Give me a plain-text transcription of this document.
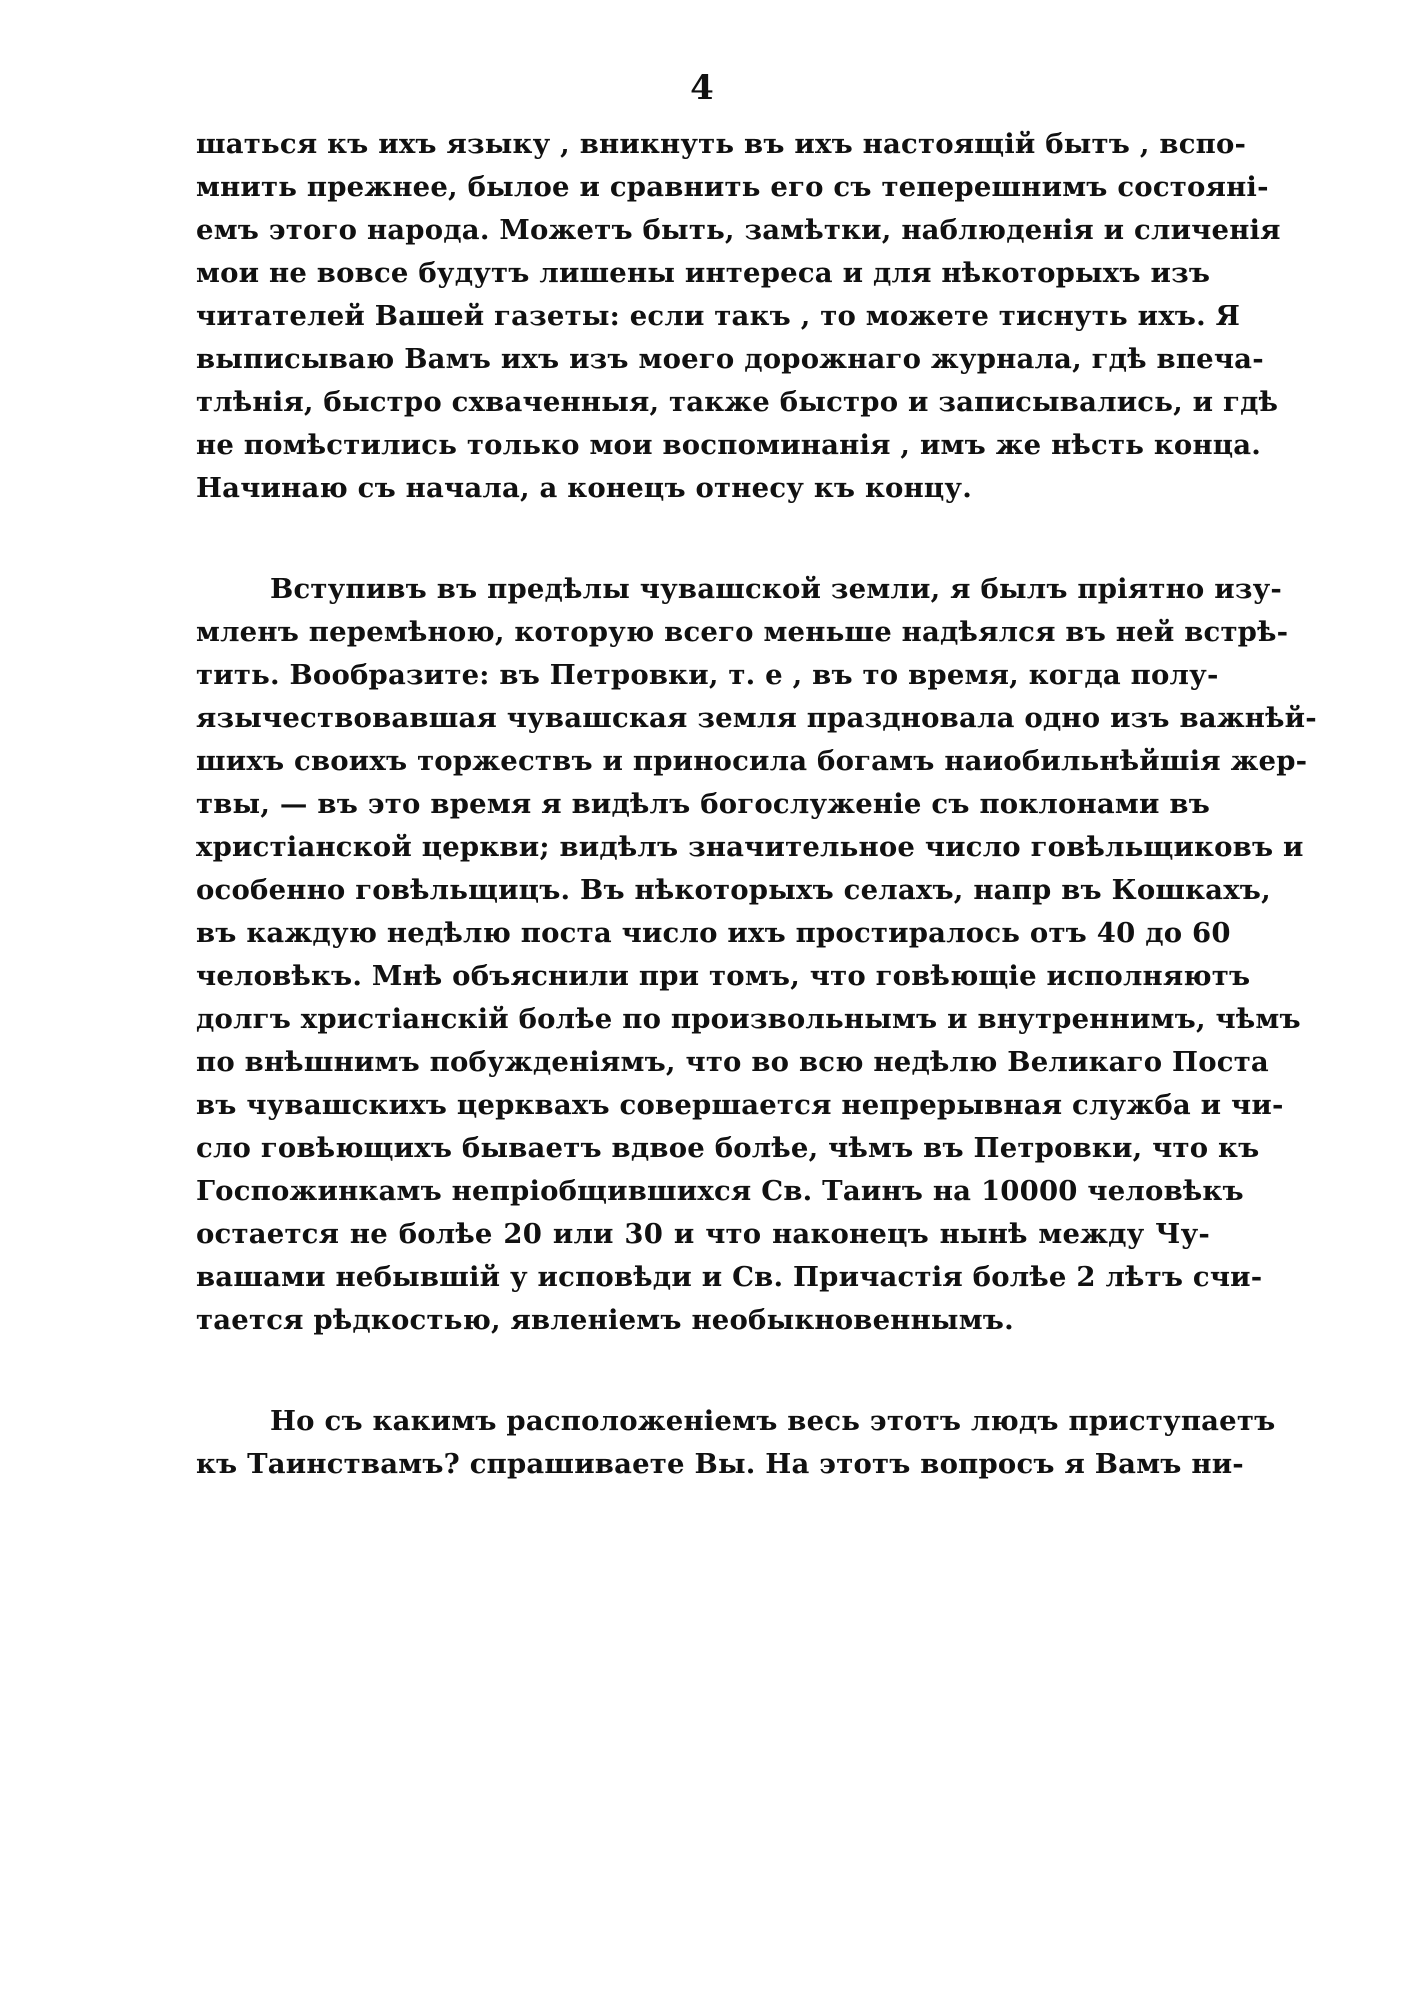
4
шаться къ ихъ языку , вникнуть въ ихъ настоящій бытъ , вспо-
мнить прежнее, былое и сравнить его съ теперешнимъ состояні-
емъ этого народа. Можетъ быть, замѣтки, наблюденія и сличенія
мои не вовсе будутъ лишены интереса и для нѣкоторыхъ изъ
читателей Вашей газеты: если такъ , то можете тиснуть ихъ. Я
выписываю Вамъ ихъ изъ моего дорожнаго журнала, гдѣ впеча-
тлѣнія, быстро схваченныя, также быстро и записывались, и гдѣ
не помѣстились только мои воспоминанія , имъ же нѣсть конца.
Начинаю съ начала, а конецъ отнесу къ концу.
Вступивъ въ предѣлы чувашской земли, я былъ пріятно изу-
мленъ перемѣною, которую всего меньше надѣялся въ ней встрѣ-
тить. Вообразите: въ Петровки, т. е , въ то время, когда полу-
язычествовавшая чувашская земля праздновала одно изъ важнѣй-
шихъ своихъ торжествъ и приносила богамъ наиобильнѣйшія жер-
твы, — въ это время я видѣлъ богослуженіе съ поклонами въ
христіанской церкви; видѣлъ значительное число говѣльщиковъ и
особенно говѣльщицъ. Въ нѣкоторыхъ селахъ, напр въ Кошкахъ,
въ каждую недѣлю поста число ихъ простиралось отъ 40 до 60
человѣкъ. Мнѣ объяснили при томъ, что говѣющіе исполняютъ
долгъ христіанскій болѣе по произвольнымъ и внутреннимъ, чѣмъ
по внѣшнимъ побужденіямъ, что во всю недѣлю Великаго Поста
въ чувашскихъ церквахъ совершается непрерывная служба и чи-
сло говѣющихъ бываетъ вдвое болѣе, чѣмъ въ Петровки, что къ
Госпожинкамъ непріобщившихся Св. Таинъ на 10000 человѣкъ
остается не болѣе 20 или 30 и что наконецъ нынѣ между Чу-
вашами небывшій у исповѣди и Св. Причастія болѣе 2 лѣтъ счи-
тается рѣдкостью, явленіемъ необыкновеннымъ.
Но съ какимъ расположеніемъ весь этотъ людъ приступаетъ
къ Таинствамъ? спрашиваете Вы. На этотъ вопросъ я Вамъ ни-
